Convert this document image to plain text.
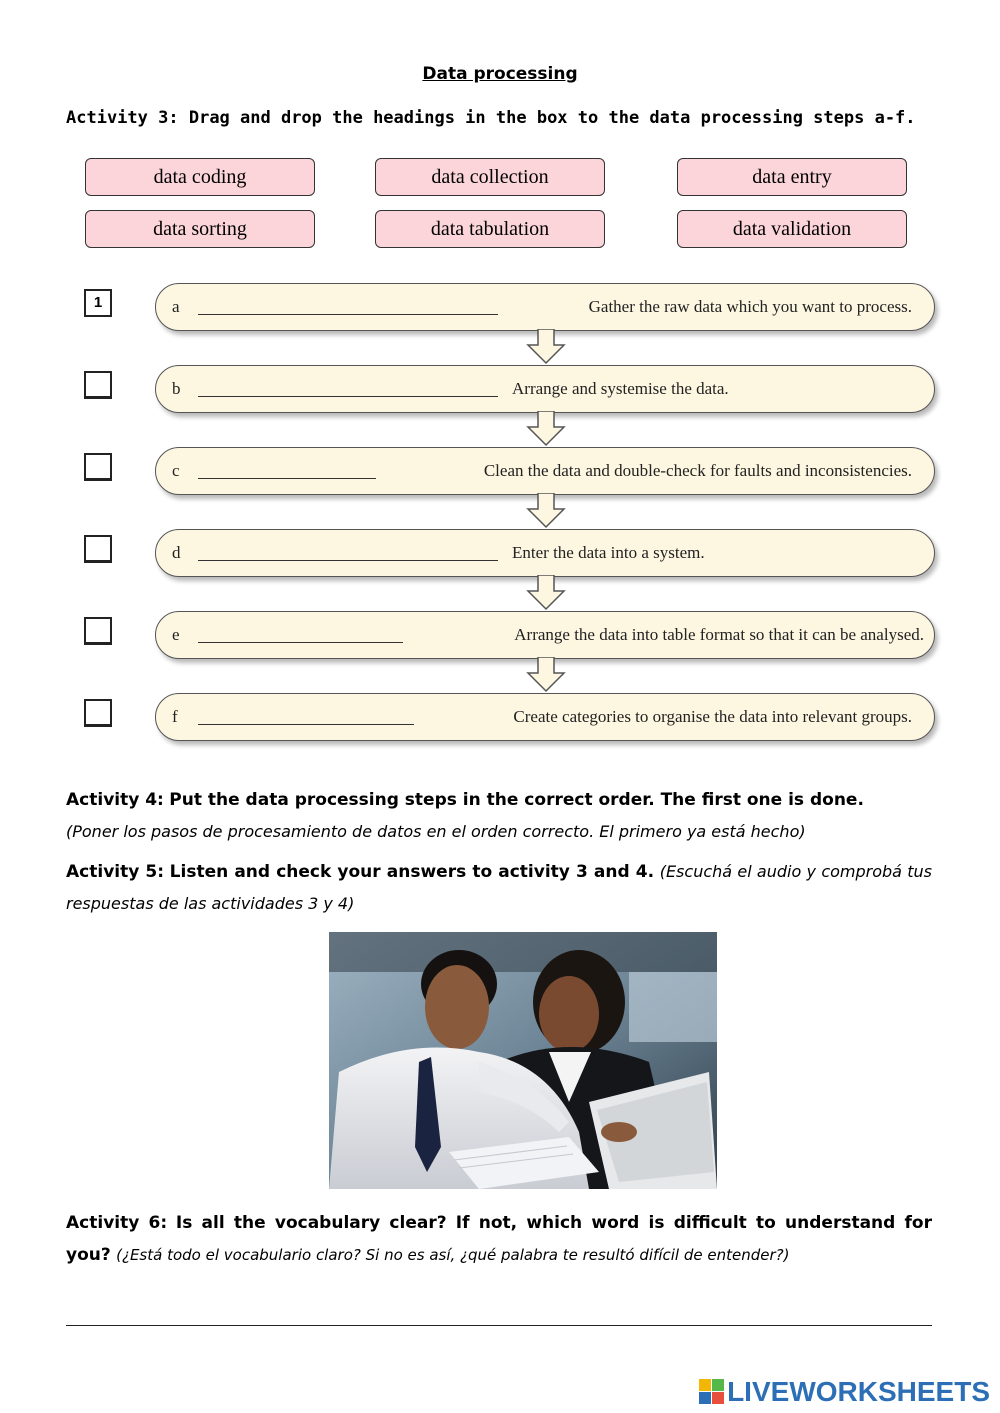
Data processing
Activity 3: Drag and drop the headings in the box to the data processing steps a-f.
data coding	data collection	data entry
data sorting	data tabulation	data validation
1	a	Gather the raw data which you want to process.
b	Arrange and systemise the data.
c	Clean the data and double-check for faults and inconsistencies.
d	Enter the data into a system.
e	Arrange the data into table format so that it can be analysed.
f	Create categories to organise the data into relevant groups.
Activity 4: Put the data processing steps in the correct order. The first one is done.
(Poner los pasos de procesamiento de datos en el orden correcto. El primero ya está hecho)
Activity 5: Listen and check your answers to activity 3 and 4. (Escuchá el audio y comprobá tus respuestas de las actividades 3 y 4)
Activity 6: Is all the vocabulary clear? If not, which word is difficult to understand for you? (¿Está todo el vocabulario claro? Si no es así, ¿qué palabra te resultó difícil de entender?)
LIVEWORKSHEETS
